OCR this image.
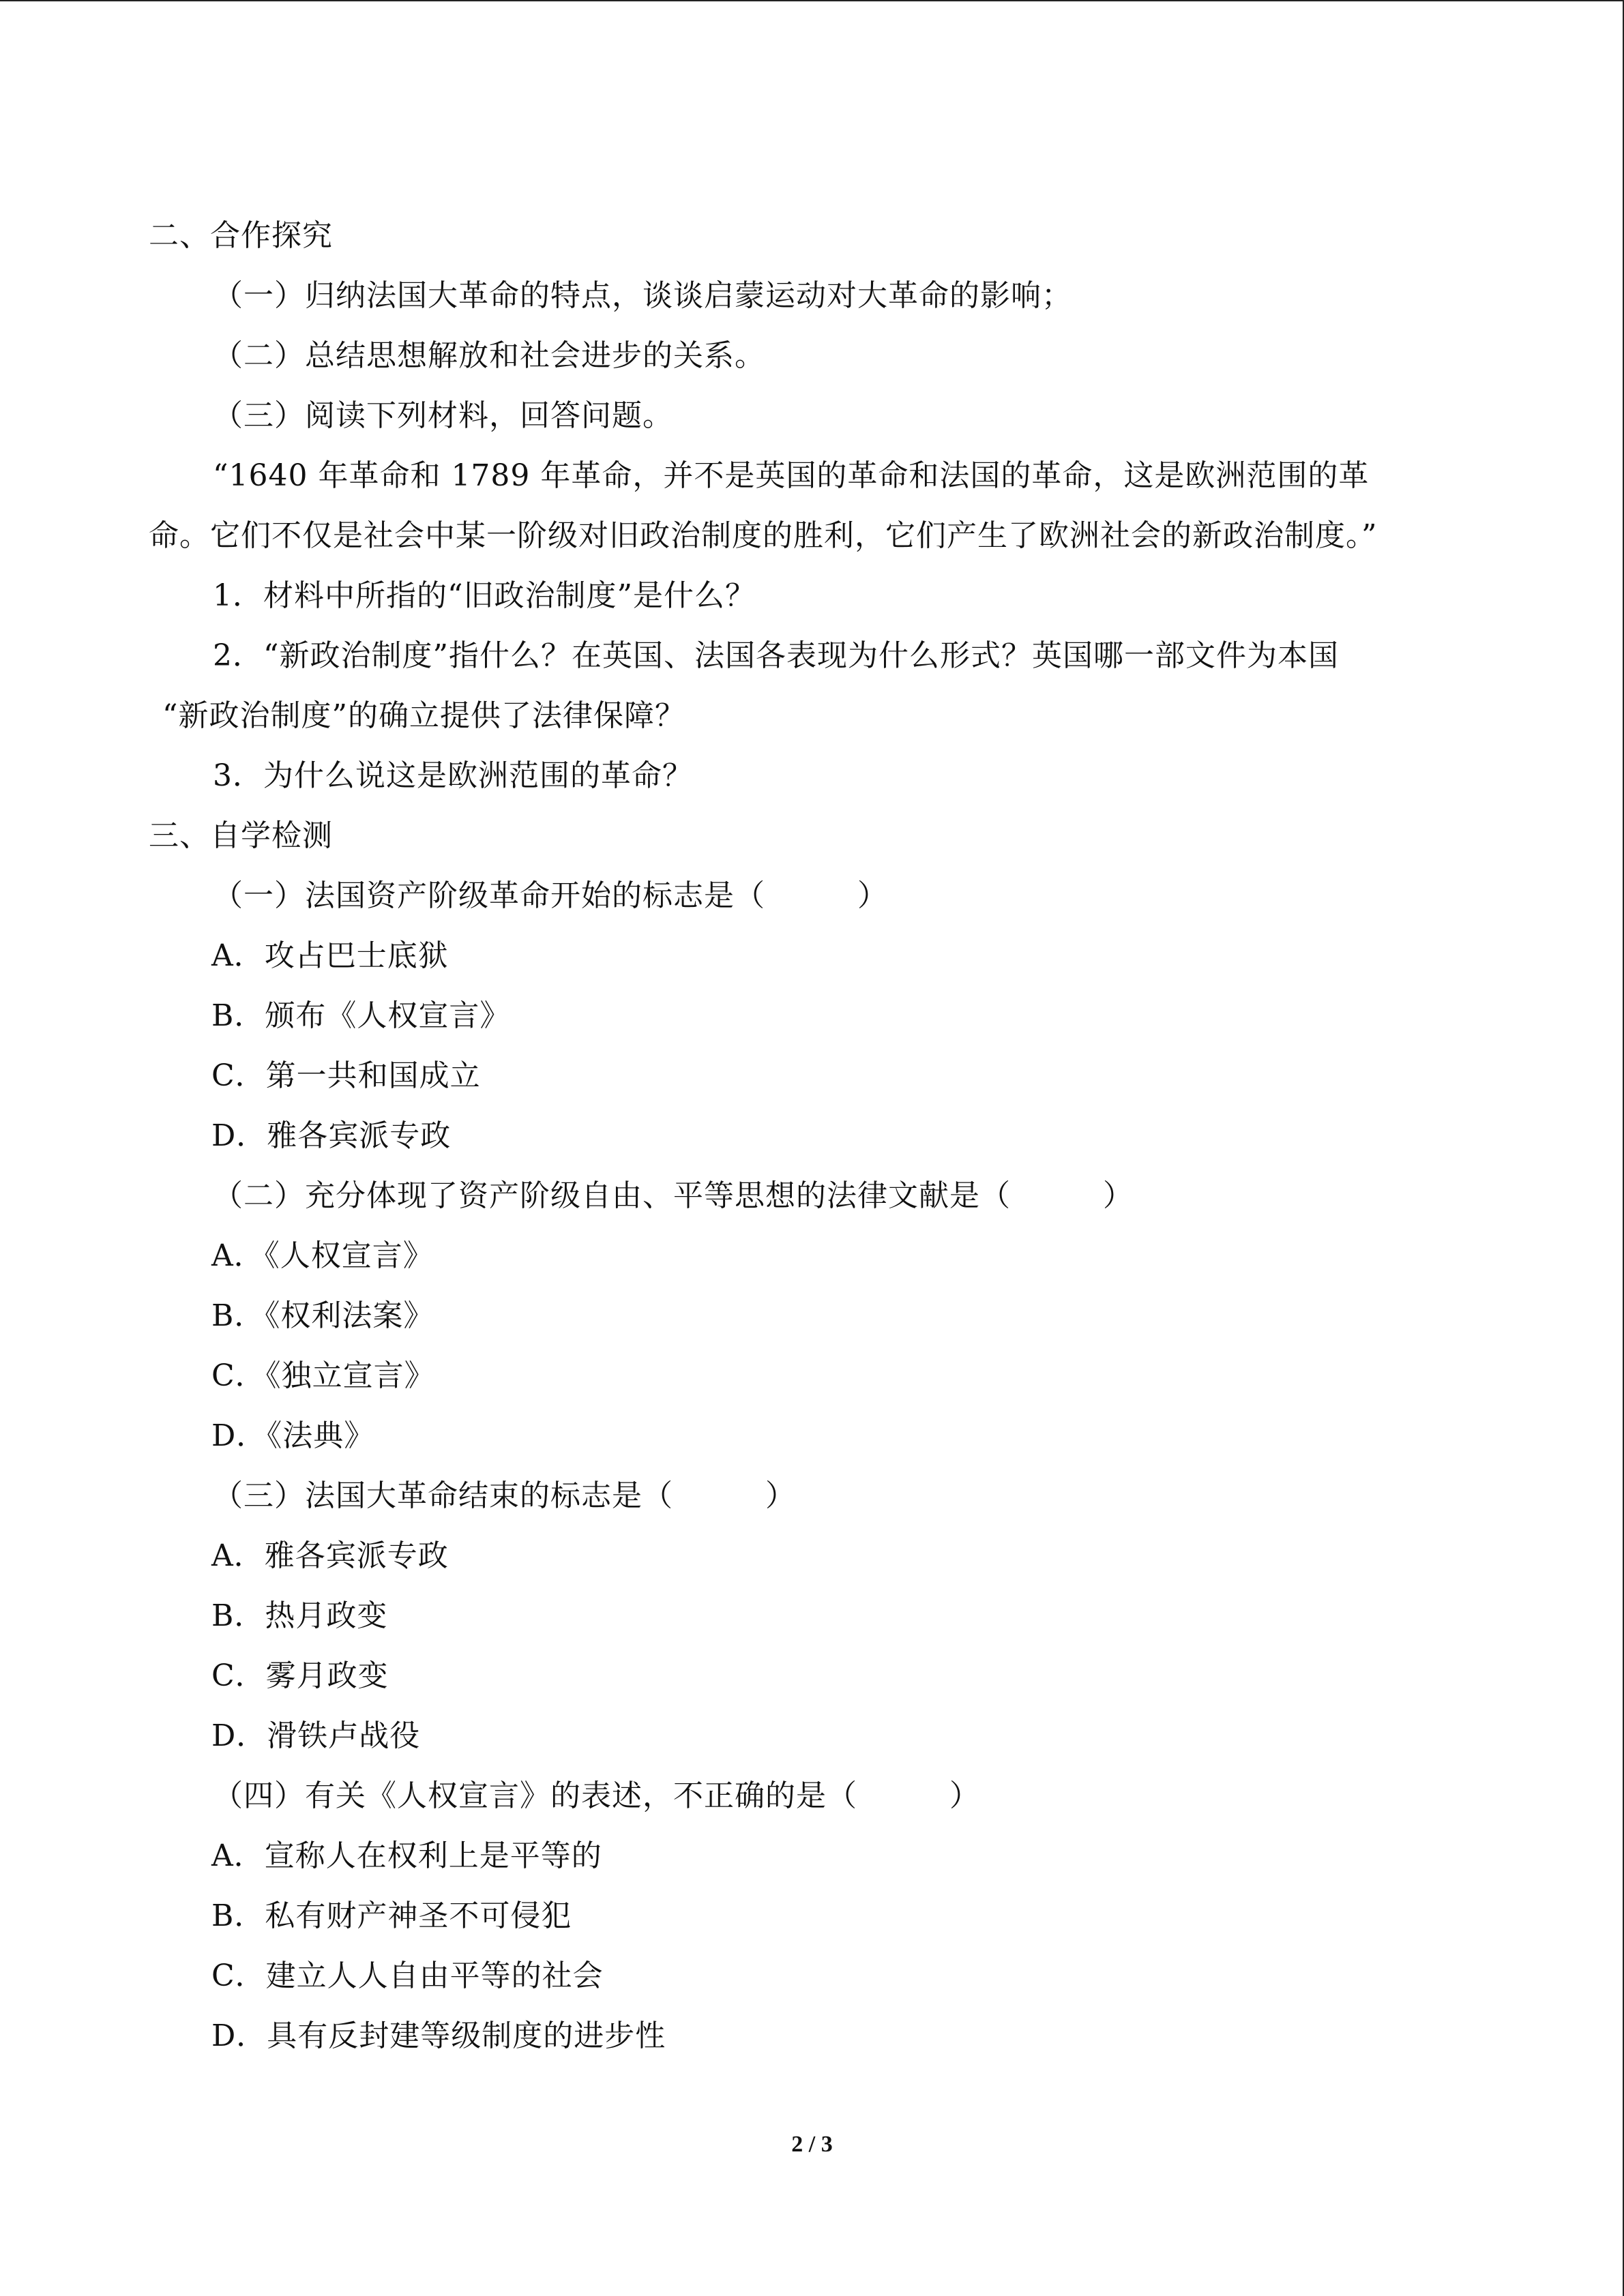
二、合作探究
（一）归纳法国大革命的特点，谈谈启蒙运动对大革命的影响；
（二）总结思想解放和社会进步的关系。
（三）阅读下列材料，回答问题。
“1640 年革命和 1789 年革命，并不是英国的革命和法国的革命，这是欧洲范围的革
命。它们不仅是社会中某一阶级对旧政治制度的胜利，它们产生了欧洲社会的新政治制度。”
1．材料中所指的“旧政治制度”是什么？
2．“新政治制度”指什么？在英国、法国各表现为什么形式？英国哪一部文件为本国
“新政治制度”的确立提供了法律保障？
3．为什么说这是欧洲范围的革命？
三、自学检测
（一）法国资产阶级革命开始的标志是（　　　）
A．攻占巴士底狱
B．颁布《人权宣言》
C．第一共和国成立
D．雅各宾派专政
（二）充分体现了资产阶级自由、平等思想的法律文献是（　　　）
A．《人权宣言》
B．《权利法案》
C．《独立宣言》
D．《法典》
（三）法国大革命结束的标志是（　　　）
A．雅各宾派专政
B．热月政变
C．雾月政变
D．滑铁卢战役
（四）有关《人权宣言》的表述，不正确的是（　　　）
A．宣称人在权利上是平等的
B．私有财产神圣不可侵犯
C．建立人人自由平等的社会
D．具有反封建等级制度的进步性
2 / 3
